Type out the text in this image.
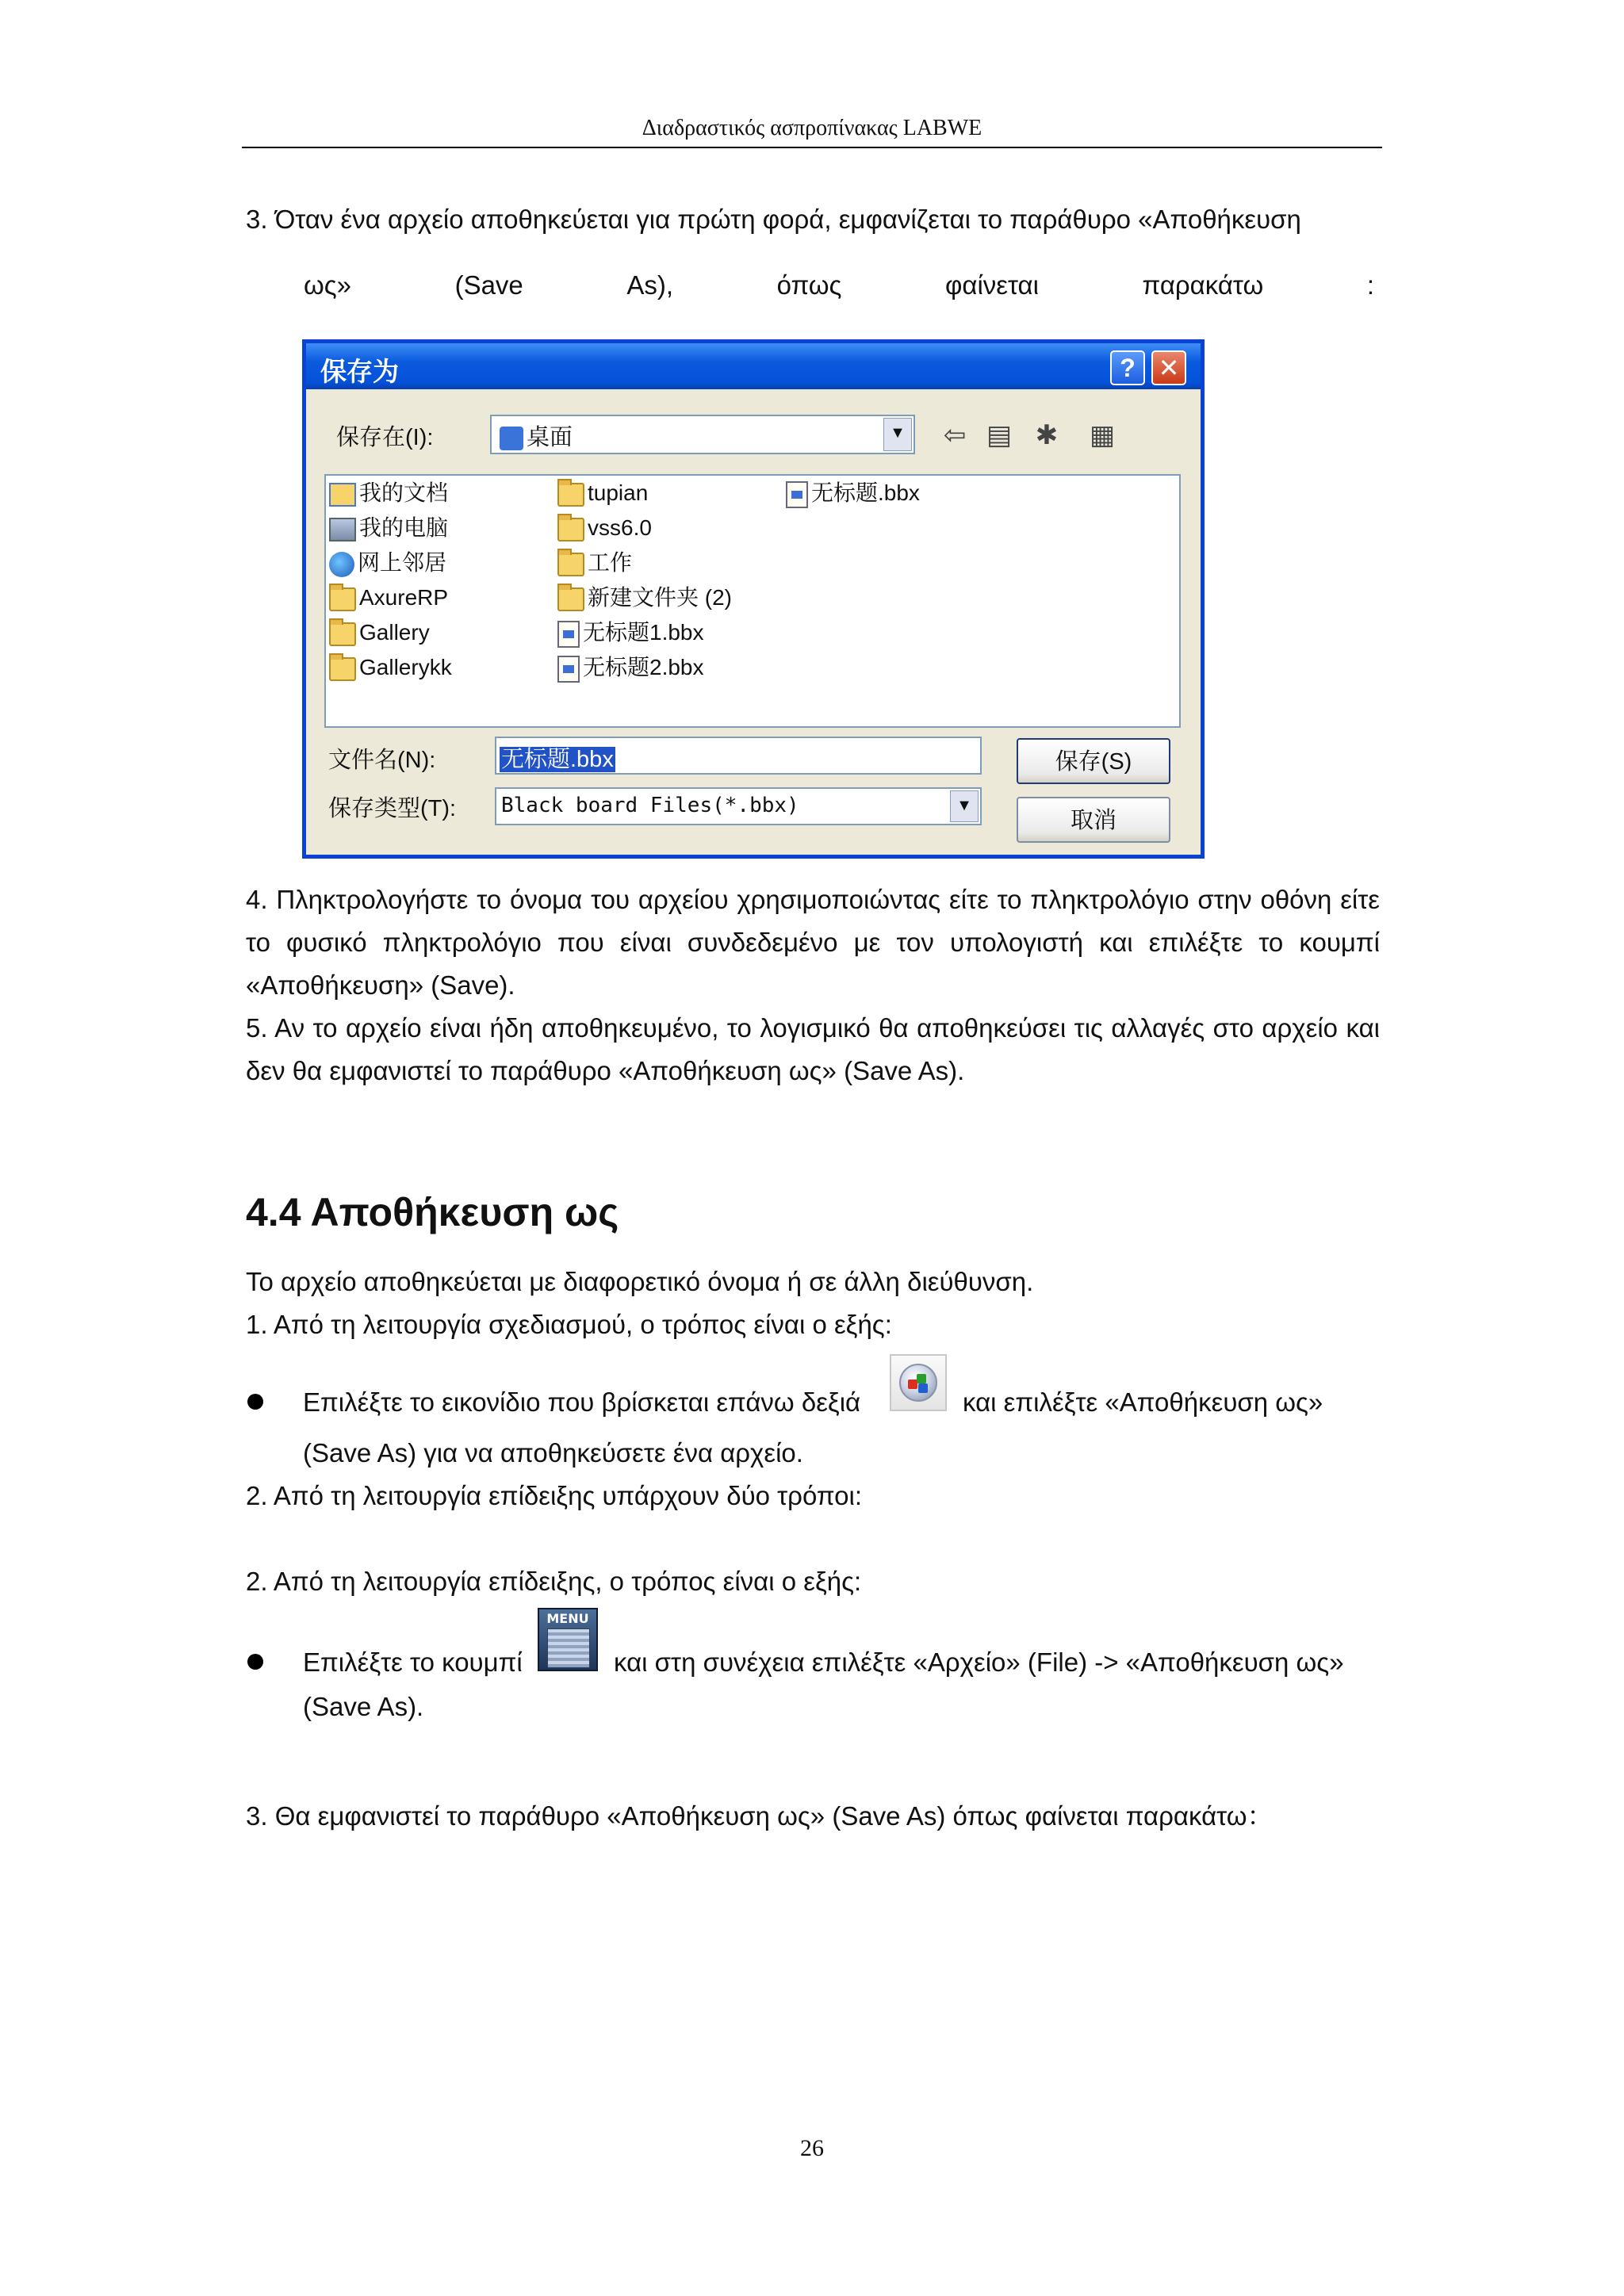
Διαδραστικός ασπροπίνακας LABWE
3. Όταν ένα αρχείο αποθηκεύεται για πρώτη φορά, εμφανίζεται το παράθυρο «Αποθήκευση
ως»	(Save	As),	όπως	φαίνεται	παρακάτω	:
保存为	? ✕
保存在(I):	桌面	▼ ⇦ ▤ ✱	▦
我的文档
我的电脑
网上邻居
AxureRP
Gallery
Gallerykk
tupian
vss6.0
工作
新建文件夹 (2)
无标题1.bbx
无标题2.bbx
无标题.bbx
文件名(N):	无标题.bbx
保存类型(T): Black board Files(*.bbx)	▼
保存(S)
取消
4. Πληκτρολογήστε το όνομα του αρχείου χρησιμοποιώντας είτε το πληκτρολόγιο στην οθόνη είτε το φυσικό πληκτρολόγιο που είναι συνδεδεμένο με τον υπολογιστή και επιλέξτε το κουμπί «Αποθήκευση» (Save).
5. Αν το αρχείο είναι ήδη αποθηκευμένο, το λογισμικό θα αποθηκεύσει τις αλλαγές στο αρχείο και δεν θα εμφανιστεί το παράθυρο «Αποθήκευση ως» (Save As).
4.4 Αποθήκευση ως
Το αρχείο αποθηκεύεται με διαφορετικό όνομα ή σε άλλη διεύθυνση.
1. Από τη λειτουργία σχεδιασμού, ο τρόπος είναι ο εξής:
Επιλέξτε το εικονίδιο που βρίσκεται επάνω δεξιά	και επιλέξτε «Αποθήκευση ως»
(Save As) για να αποθηκεύσετε ένα αρχείο.
2. Από τη λειτουργία επίδειξης υπάρχουν δύο τρόποι:
2. Από τη λειτουργία επίδειξης, ο τρόπος είναι ο εξής:
Επιλέξτε το κουμπί
MENU
και στη συνέχεια επιλέξτε «Αρχείο» (File) -> «Αποθήκευση ως»
(Save As).
3. Θα εμφανιστεί το παράθυρο «Αποθήκευση ως» (Save As) όπως φαίνεται παρακάτω：
26
